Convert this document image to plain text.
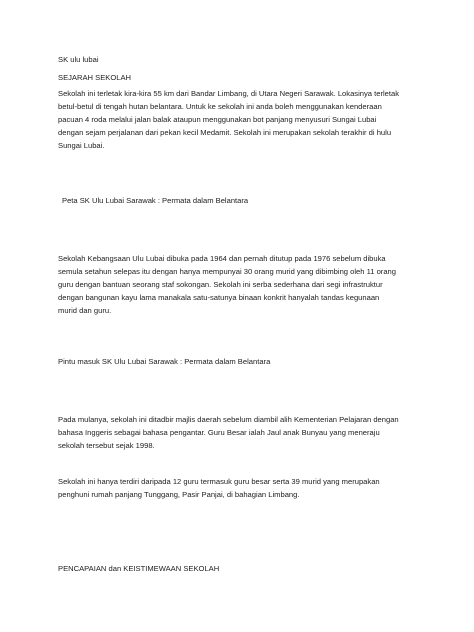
SK ulu lubai

SEJARAH SEKOLAH

Sekolah ini terletak kira-kira 55 km dari Bandar Limbang, di Utara Negeri Sarawak. Lokasinya terletak

betul-betul di tengah hutan belantara. Untuk ke sekolah ini anda boleh menggunakan kenderaan

pacuan 4 roda melalui jalan balak ataupun menggunakan bot panjang menyusuri Sungai Lubai

dengan sejam perjalanan dari pekan kecil Medamit. Sekolah ini merupakan sekolah terakhir di hulu

Sungai Lubai.

Peta SK Ulu Lubai Sarawak : Permata dalam Belantara

Sekolah Kebangsaan Ulu Lubai dibuka pada 1964 dan pernah ditutup pada 1976 sebelum dibuka

semula setahun selepas itu dengan hanya mempunyai 30 orang murid yang dibimbing oleh 11 orang

guru dengan bantuan seorang staf sokongan. Sekolah ini serba sederhana dari segi infrastruktur

dengan bangunan kayu lama manakala satu-satunya binaan konkrit hanyalah tandas kegunaan

murid dan guru.

Pintu masuk SK Ulu Lubai Sarawak : Permata dalam Belantara

Pada mulanya, sekolah ini ditadbir majlis daerah sebelum diambil alih Kementerian Pelajaran dengan

bahasa Inggeris sebagai bahasa pengantar. Guru Besar ialah Jaul anak Bunyau yang meneraju

sekolah tersebut sejak 1998.

Sekolah ini hanya terdiri daripada 12 guru termasuk guru besar serta 39 murid yang merupakan

penghuni rumah panjang Tunggang, Pasir Panjai, di bahagian Limbang.

PENCAPAIAN dan KEISTIMEWAAN SEKOLAH
